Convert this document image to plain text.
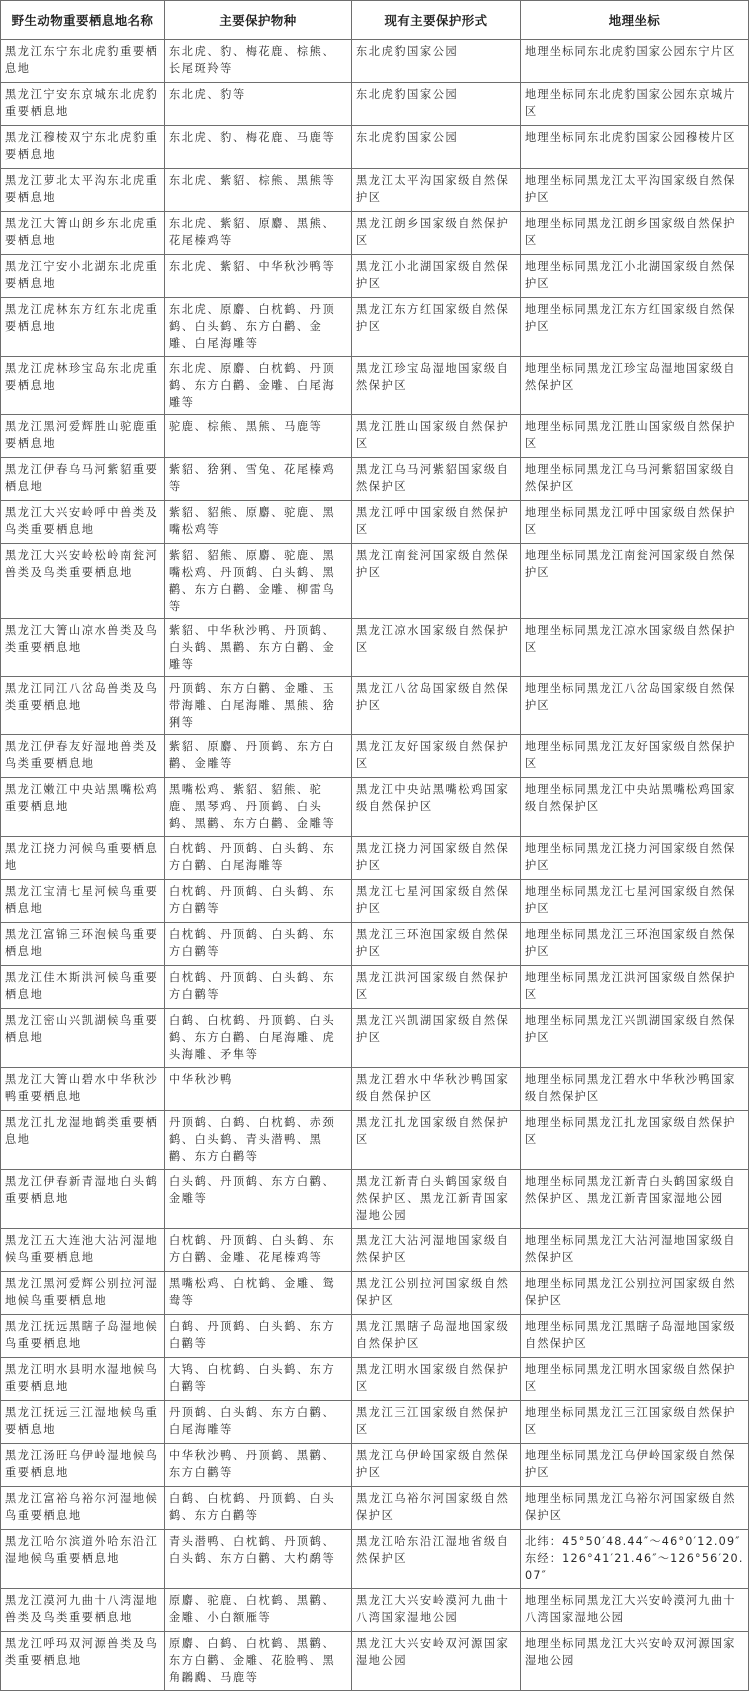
野生动物重要栖息地名称	主要保护物种	现有主要保护形式	地理坐标
黑龙江东宁东北虎豹重要栖息地	东北虎、豹、梅花鹿、棕熊、长尾斑羚等	东北虎豹国家公园	地理坐标同东北虎豹国家公园东宁片区
黑龙江宁安东京城东北虎豹重要栖息地	东北虎、豹等	东北虎豹国家公园	地理坐标同东北虎豹国家公园东京城片区
黑龙江穆棱双宁东北虎豹重要栖息地	东北虎、豹、梅花鹿、马鹿等	东北虎豹国家公园	地理坐标同东北虎豹国家公园穆棱片区
黑龙江萝北太平沟东北虎重要栖息地	东北虎、紫貂、棕熊、黑熊等	黑龙江太平沟国家级自然保护区	地理坐标同黑龙江太平沟国家级自然保护区
黑龙江大箐山朗乡东北虎重要栖息地	东北虎、紫貂、原麝、黑熊、花尾榛鸡等	黑龙江朗乡国家级自然保护区	地理坐标同黑龙江朗乡国家级自然保护区
黑龙江宁安小北湖东北虎重要栖息地	东北虎、紫貂、中华秋沙鸭等	黑龙江小北湖国家级自然保护区	地理坐标同黑龙江小北湖国家级自然保护区
黑龙江虎林东方红东北虎重要栖息地	东北虎、原麝、白枕鹤、丹顶鹤、白头鹤、东方白鹳、金雕、白尾海雕等	黑龙江东方红国家级自然保护区	地理坐标同黑龙江东方红国家级自然保护区
黑龙江虎林珍宝岛东北虎重要栖息地	东北虎、原麝、白枕鹤、丹顶鹤、东方白鹳、金雕、白尾海雕等	黑龙江珍宝岛湿地国家级自然保护区	地理坐标同黑龙江珍宝岛湿地国家级自然保护区
黑龙江黑河爱辉胜山驼鹿重要栖息地	驼鹿、棕熊、黑熊、马鹿等	黑龙江胜山国家级自然保护区	地理坐标同黑龙江胜山国家级自然保护区
黑龙江伊春乌马河紫貂重要栖息地	紫貂、猞猁、雪兔、花尾榛鸡等	黑龙江乌马河紫貂国家级自然保护区	地理坐标同黑龙江乌马河紫貂国家级自然保护区
黑龙江大兴安岭呼中兽类及鸟类重要栖息地	紫貂、貂熊、原麝、驼鹿、黑嘴松鸡等	黑龙江呼中国家级自然保护区	地理坐标同黑龙江呼中国家级自然保护区
黑龙江大兴安岭松岭南瓮河兽类及鸟类重要栖息地	紫貂、貂熊、原麝、驼鹿、黑嘴松鸡、丹顶鹤、白头鹤、黑鹳、东方白鹳、金雕、柳雷鸟等	黑龙江南瓮河国家级自然保护区	地理坐标同黑龙江南瓮河国家级自然保护区
黑龙江大箐山凉水兽类及鸟类重要栖息地	紫貂、中华秋沙鸭、丹顶鹤、白头鹤、黑鹳、东方白鹳、金雕等	黑龙江凉水国家级自然保护区	地理坐标同黑龙江凉水国家级自然保护区
黑龙江同江八岔岛兽类及鸟类重要栖息地	丹顶鹤、东方白鹳、金雕、玉带海雕、白尾海雕、黑熊、猞猁等	黑龙江八岔岛国家级自然保护区	地理坐标同黑龙江八岔岛国家级自然保护区
黑龙江伊春友好湿地兽类及鸟类重要栖息地	紫貂、原麝、丹顶鹤、东方白鹳、金雕等	黑龙江友好国家级自然保护区	地理坐标同黑龙江友好国家级自然保护区
黑龙江嫩江中央站黑嘴松鸡重要栖息地	黑嘴松鸡、紫貂、貂熊、驼鹿、黑琴鸡、丹顶鹤、白头鹤、黑鹳、东方白鹳、金雕等	黑龙江中央站黑嘴松鸡国家级自然保护区	地理坐标同黑龙江中央站黑嘴松鸡国家级自然保护区
黑龙江挠力河候鸟重要栖息地	白枕鹤、丹顶鹤、白头鹤、东方白鹳、白尾海雕等	黑龙江挠力河国家级自然保护区	地理坐标同黑龙江挠力河国家级自然保护区
黑龙江宝清七星河候鸟重要栖息地	白枕鹤、丹顶鹤、白头鹤、东方白鹳等	黑龙江七星河国家级自然保护区	地理坐标同黑龙江七星河国家级自然保护区
黑龙江富锦三环泡候鸟重要栖息地	白枕鹤、丹顶鹤、白头鹤、东方白鹳等	黑龙江三环泡国家级自然保护区	地理坐标同黑龙江三环泡国家级自然保护区
黑龙江佳木斯洪河候鸟重要栖息地	白枕鹤、丹顶鹤、白头鹤、东方白鹳等	黑龙江洪河国家级自然保护区	地理坐标同黑龙江洪河国家级自然保护区
黑龙江密山兴凯湖候鸟重要栖息地	白鹤、白枕鹤、丹顶鹤、白头鹤、东方白鹳、白尾海雕、虎头海雕、矛隼等	黑龙江兴凯湖国家级自然保护区	地理坐标同黑龙江兴凯湖国家级自然保护区
黑龙江大箐山碧水中华秋沙鸭重要栖息地	中华秋沙鸭	黑龙江碧水中华秋沙鸭国家级自然保护区	地理坐标同黑龙江碧水中华秋沙鸭国家级自然保护区
黑龙江扎龙湿地鹤类重要栖息地	丹顶鹤、白鹤、白枕鹤、赤颈鹤、白头鹤、青头潜鸭、黑鹳、东方白鹳等	黑龙江扎龙国家级自然保护区	地理坐标同黑龙江扎龙国家级自然保护区
黑龙江伊春新青湿地白头鹤重要栖息地	白头鹤、丹顶鹤、东方白鹳、金雕等	黑龙江新青白头鹤国家级自然保护区、黑龙江新青国家湿地公园	地理坐标同黑龙江新青白头鹤国家级自然保护区、黑龙江新青国家湿地公园
黑龙江五大连池大沾河湿地候鸟重要栖息地	白枕鹤、丹顶鹤、白头鹤、东方白鹳、金雕、花尾榛鸡等	黑龙江大沾河湿地国家级自然保护区	地理坐标同黑龙江大沾河湿地国家级自然保护区
黑龙江黑河爱辉公别拉河湿地候鸟重要栖息地	黑嘴松鸡、白枕鹤、金雕、鸳鸯等	黑龙江公别拉河国家级自然保护区	地理坐标同黑龙江公别拉河国家级自然保护区
黑龙江抚远黑瞎子岛湿地候鸟重要栖息地	白鹤、丹顶鹤、白头鹤、东方白鹳等	黑龙江黑瞎子岛湿地国家级自然保护区	地理坐标同黑龙江黑瞎子岛湿地国家级自然保护区
黑龙江明水县明水湿地候鸟重要栖息地	大鸨、白枕鹤、白头鹤、东方白鹳等	黑龙江明水国家级自然保护区	地理坐标同黑龙江明水国家级自然保护区
黑龙江抚远三江湿地候鸟重要栖息地	丹顶鹤、白头鹤、东方白鹳、白尾海雕等	黑龙江三江国家级自然保护区	地理坐标同黑龙江三江国家级自然保护区
黑龙江汤旺乌伊岭湿地候鸟重要栖息地	中华秋沙鸭、丹顶鹤、黑鹳、东方白鹳等	黑龙江乌伊岭国家级自然保护区	地理坐标同黑龙江乌伊岭国家级自然保护区
黑龙江富裕乌裕尔河湿地候鸟重要栖息地	白鹤、白枕鹤、丹顶鹤、白头鹤、东方白鹳等	黑龙江乌裕尔河国家级自然保护区	地理坐标同黑龙江乌裕尔河国家级自然保护区
黑龙江哈尔滨道外哈东沿江湿地候鸟重要栖息地	青头潜鸭、白枕鹤、丹顶鹤、白头鹤、东方白鹳、大杓鹬等	黑龙江哈东沿江湿地省级自然保护区	北纬：45°50′48.44″～46°0′12.09″ 东经：126°41′21.46″～126°56′20.07″
黑龙江漠河九曲十八湾湿地兽类及鸟类重要栖息地	原麝、驼鹿、白枕鹤、黑鹳、金雕、小白额雁等	黑龙江大兴安岭漠河九曲十八湾国家湿地公园	地理坐标同黑龙江大兴安岭漠河九曲十八湾国家湿地公园
黑龙江呼玛双河源兽类及鸟类重要栖息地	原麝、白鹤、白枕鹤、黑鹳、东方白鹳、金雕、花脸鸭、黑角鸊鷉、马鹿等	黑龙江大兴安岭双河源国家湿地公园	地理坐标同黑龙江大兴安岭双河源国家湿地公园
